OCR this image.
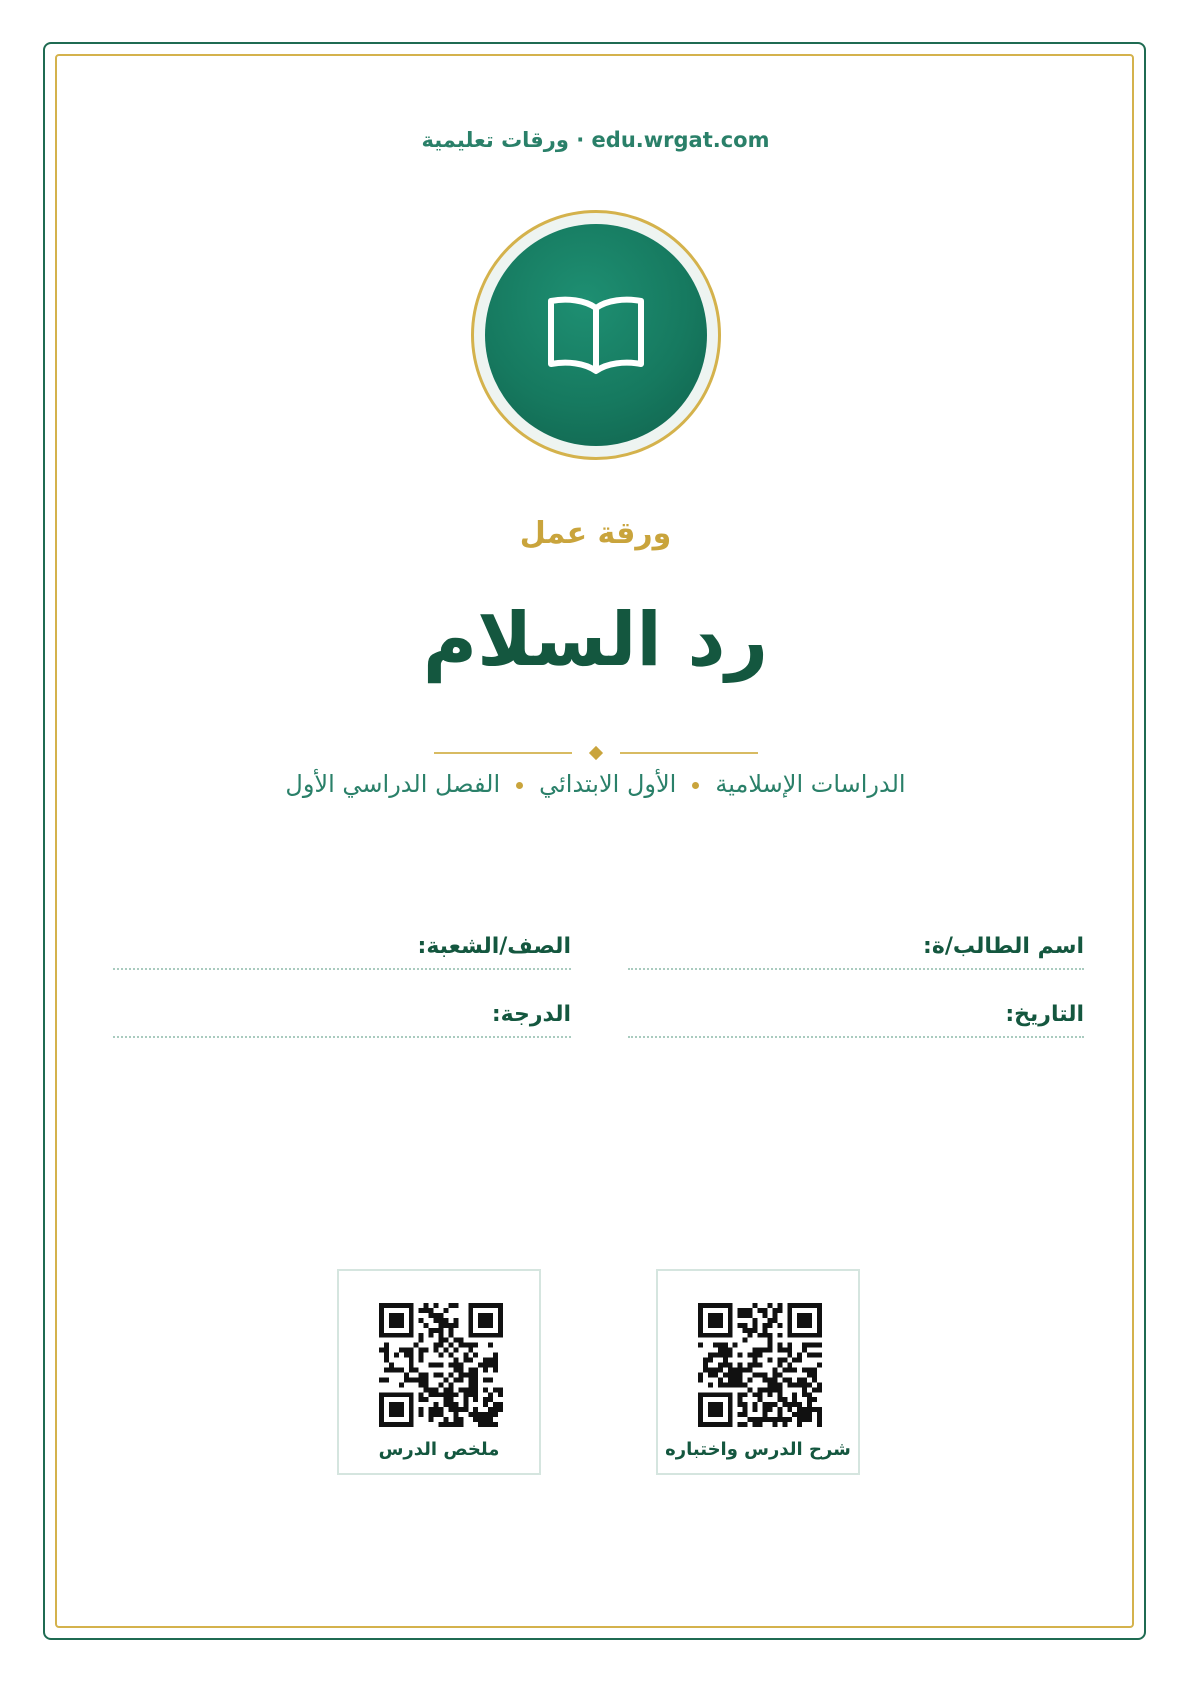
ورقات تعليمية · edu.wrgat.com
ورقة عمل
رد السلام
الدراسات الإسلاميةالأول الابتدائيالفصل الدراسي الأول
اسم الطالب/ة:
الصف/الشعبة:
التاريخ:
الدرجة:
شرح الدرس واختباره
ملخص الدرس
